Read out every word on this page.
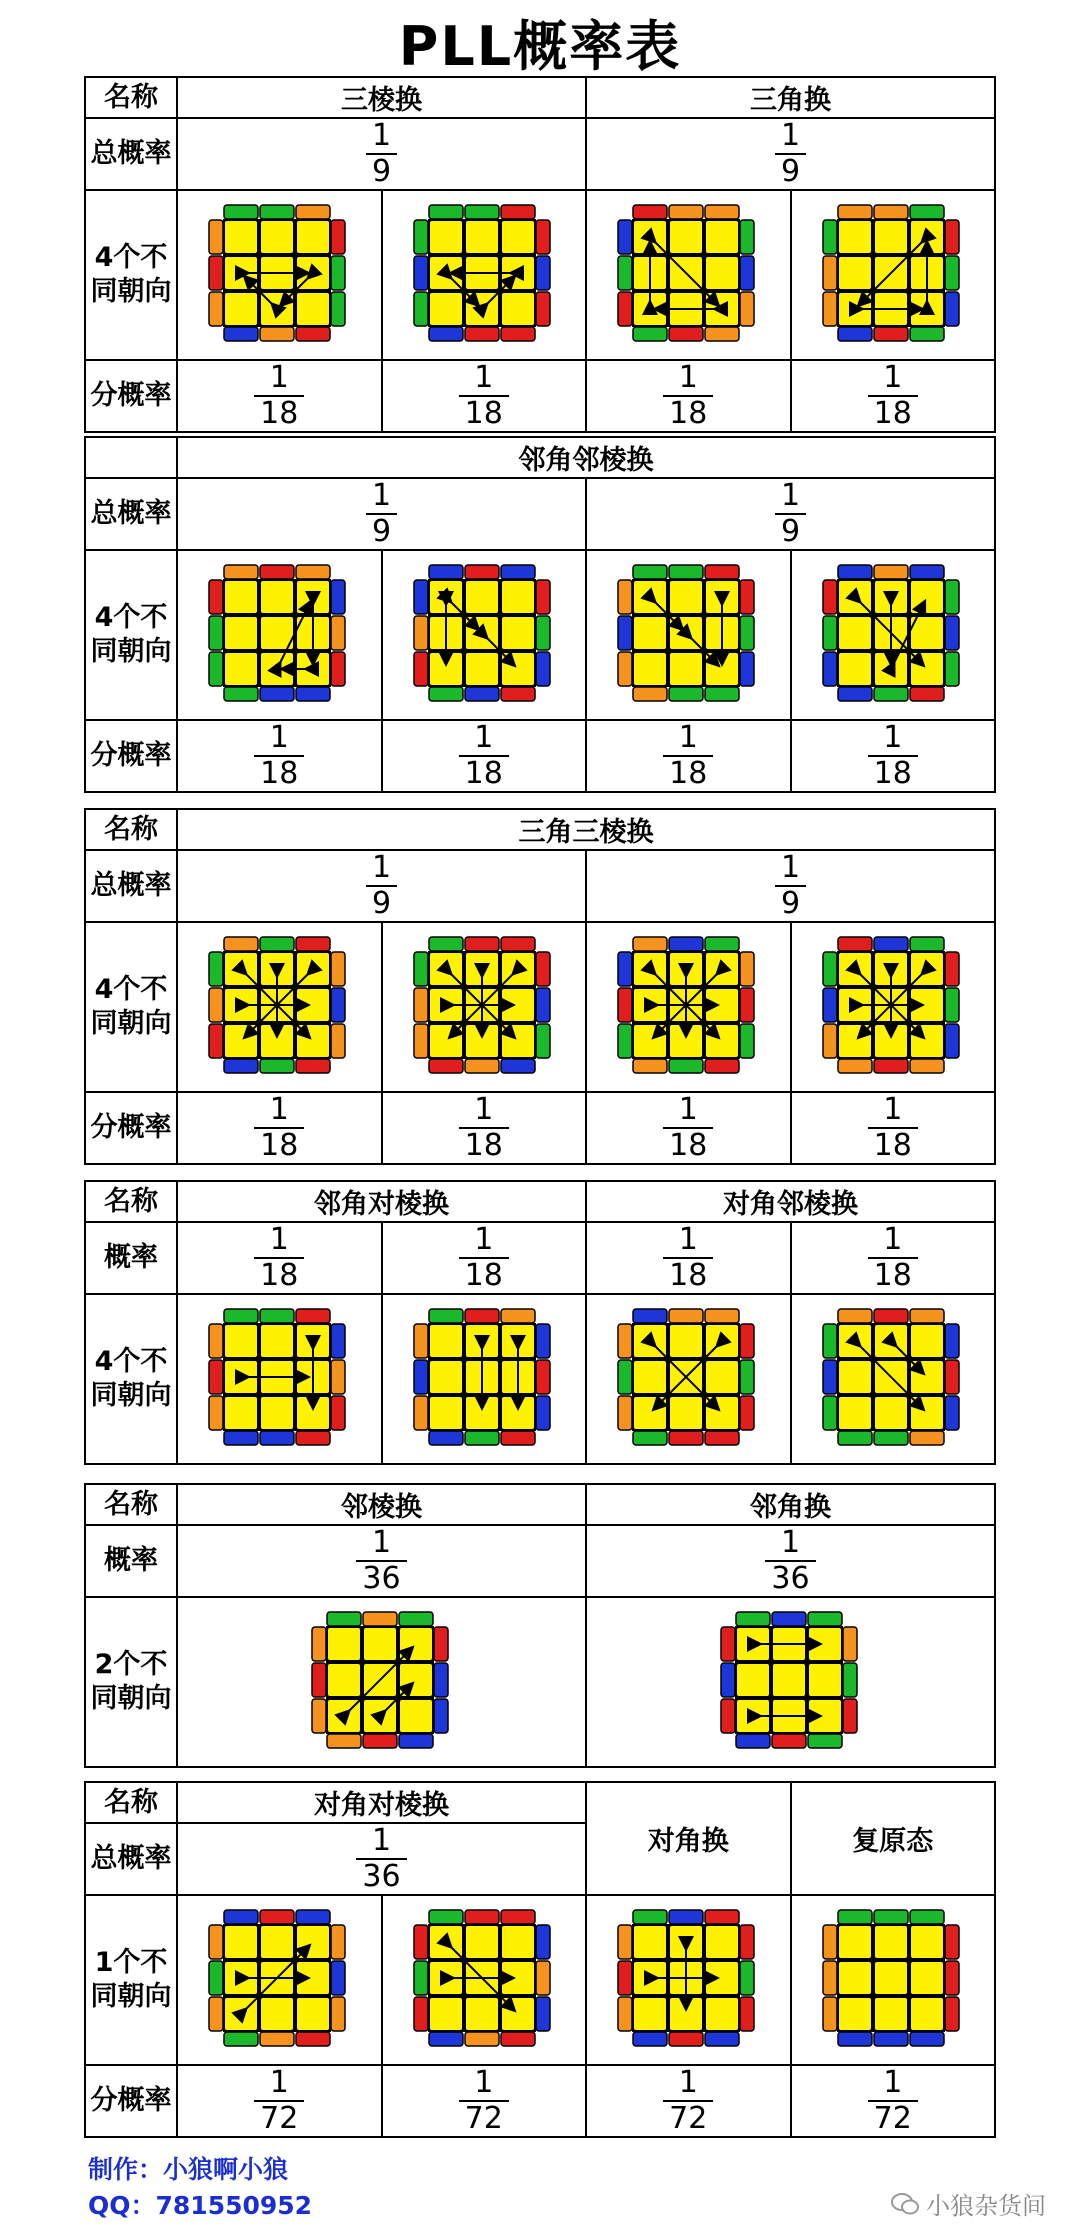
PLL概率表
名称	三棱换		三角换	
总概率	$\frac{1}{9}$		$\frac{1}{9}$

4个不同朝向	

分概率	$\frac{1}{18}$	$\frac{1}{18}$	$\frac{1}{18}$	$\frac{1}{18}$
	邻角邻棱换			
总概率	$\frac{1}{9}$		$\frac{1}{9}$

4个不同朝向	

分概率	$\frac{1}{18}$	$\frac{1}{18}$	$\frac{1}{18}$	$\frac{1}{18}$
名称	三角三棱换			
总概率	$\frac{1}{9}$		$\frac{1}{9}$

4个不同朝向	

分概率	$\frac{1}{18}$	$\frac{1}{18}$	$\frac{1}{18}$	$\frac{1}{18}$
名称	邻角对棱换		对角邻棱换	
概率	$\frac{1}{18}$	$\frac{1}{18}$	$\frac{1}{18}$	$\frac{1}{18}$

4个不同朝向	

名称	邻棱换	邻角换
概率	$\frac{1}{36}$	$\frac{1}{36}$

2个不同朝向	

名称	对角对棱换		对角换	复原态
总概率	$\frac{1}{36}$

1个不同朝向	

分概率	$\frac{1}{72}$	$\frac{1}{72}$	$\frac{1}{72}$	$\frac{1}{72}$
制作：小狼啊小狼
QQ：781550952	小狼杂货间
